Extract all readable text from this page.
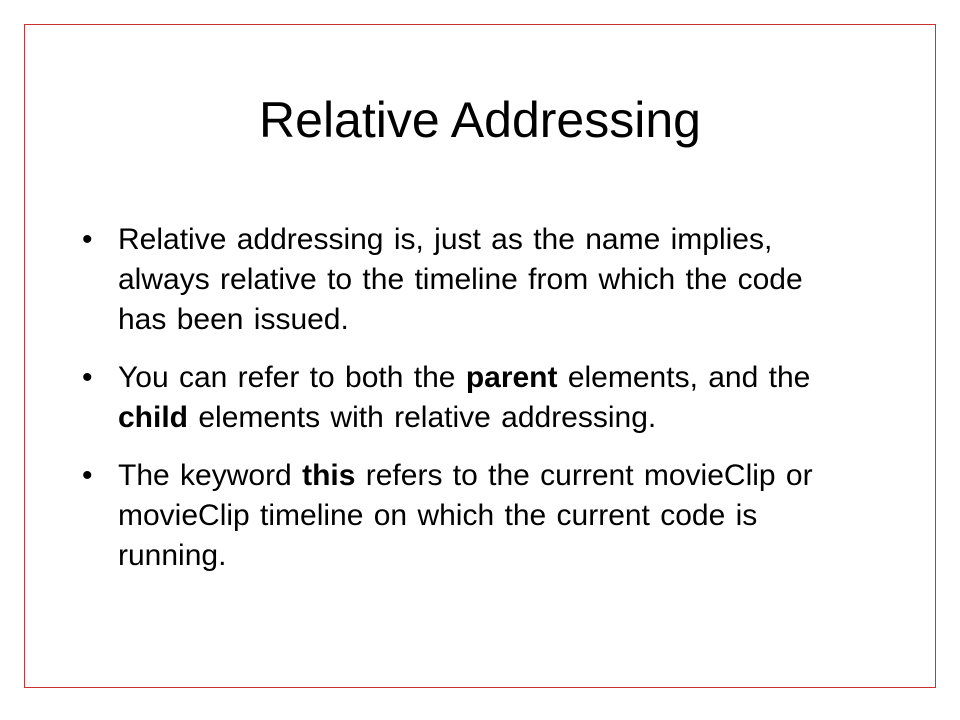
Relative Addressing
• Relative addressing is, just as the name implies, always relative to the timeline from which the code has been issued.
• You can refer to both the parent elements, and the child elements with relative addressing.
• The keyword this refers to the current movieClip or movieClip timeline on which the current code is running.
